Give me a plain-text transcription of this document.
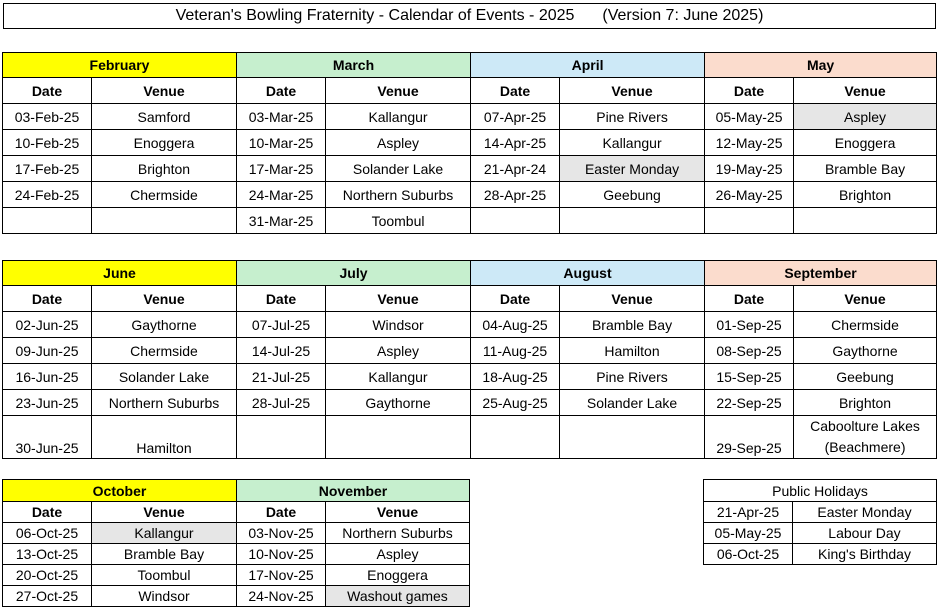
Veteran's Bowling Fraternity - Calendar of Events - 2025 (Version 7: June 2025)
February		March		April		May	
Date	Venue	Date	Venue	Date	Venue	Date	Venue
03-Feb-25	Samford	03-Mar-25	Kallangur	07-Apr-25	Pine Rivers	05-May-25	Aspley
10-Feb-25	Enoggera	10-Mar-25	Aspley	14-Apr-25	Kallangur	12-May-25	Enoggera
17-Feb-25	Brighton	17-Mar-25	Solander Lake	21-Apr-24	Easter Monday	19-May-25	Bramble Bay
24-Feb-25	Chermside	24-Mar-25	Northern Suburbs	28-Apr-25	Geebung	26-May-25	Brighton
		31-Mar-25	Toombul				
June		July		August		September	
Date	Venue	Date	Venue	Date	Venue	Date	Venue
02-Jun-25	Gaythorne	07-Jul-25	Windsor	04-Aug-25	Bramble Bay	01-Sep-25	Chermside
09-Jun-25	Chermside	14-Jul-25	Aspley	11-Aug-25	Hamilton	08-Sep-25	Gaythorne
16-Jun-25	Solander Lake	21-Jul-25	Kallangur	18-Aug-25	Pine Rivers	15-Sep-25	Geebung
23-Jun-25	Northern Suburbs	28-Jul-25	Gaythorne	25-Aug-25	Solander Lake	22-Sep-25	Brighton
30-Jun-25	Hamilton					29-Sep-25	Caboolture Lakes
(Beachmere)
October		November	
Date	Venue	Date	Venue
06-Oct-25	Kallangur	03-Nov-25	Northern Suburbs
13-Oct-25	Bramble Bay	10-Nov-25	Aspley
20-Oct-25	Toombul	17-Nov-25	Enoggera
27-Oct-25	Windsor	24-Nov-25	Washout games
Public Holidays	
21-Apr-25	Easter Monday
05-May-25	Labour Day
06-Oct-25	King's Birthday
